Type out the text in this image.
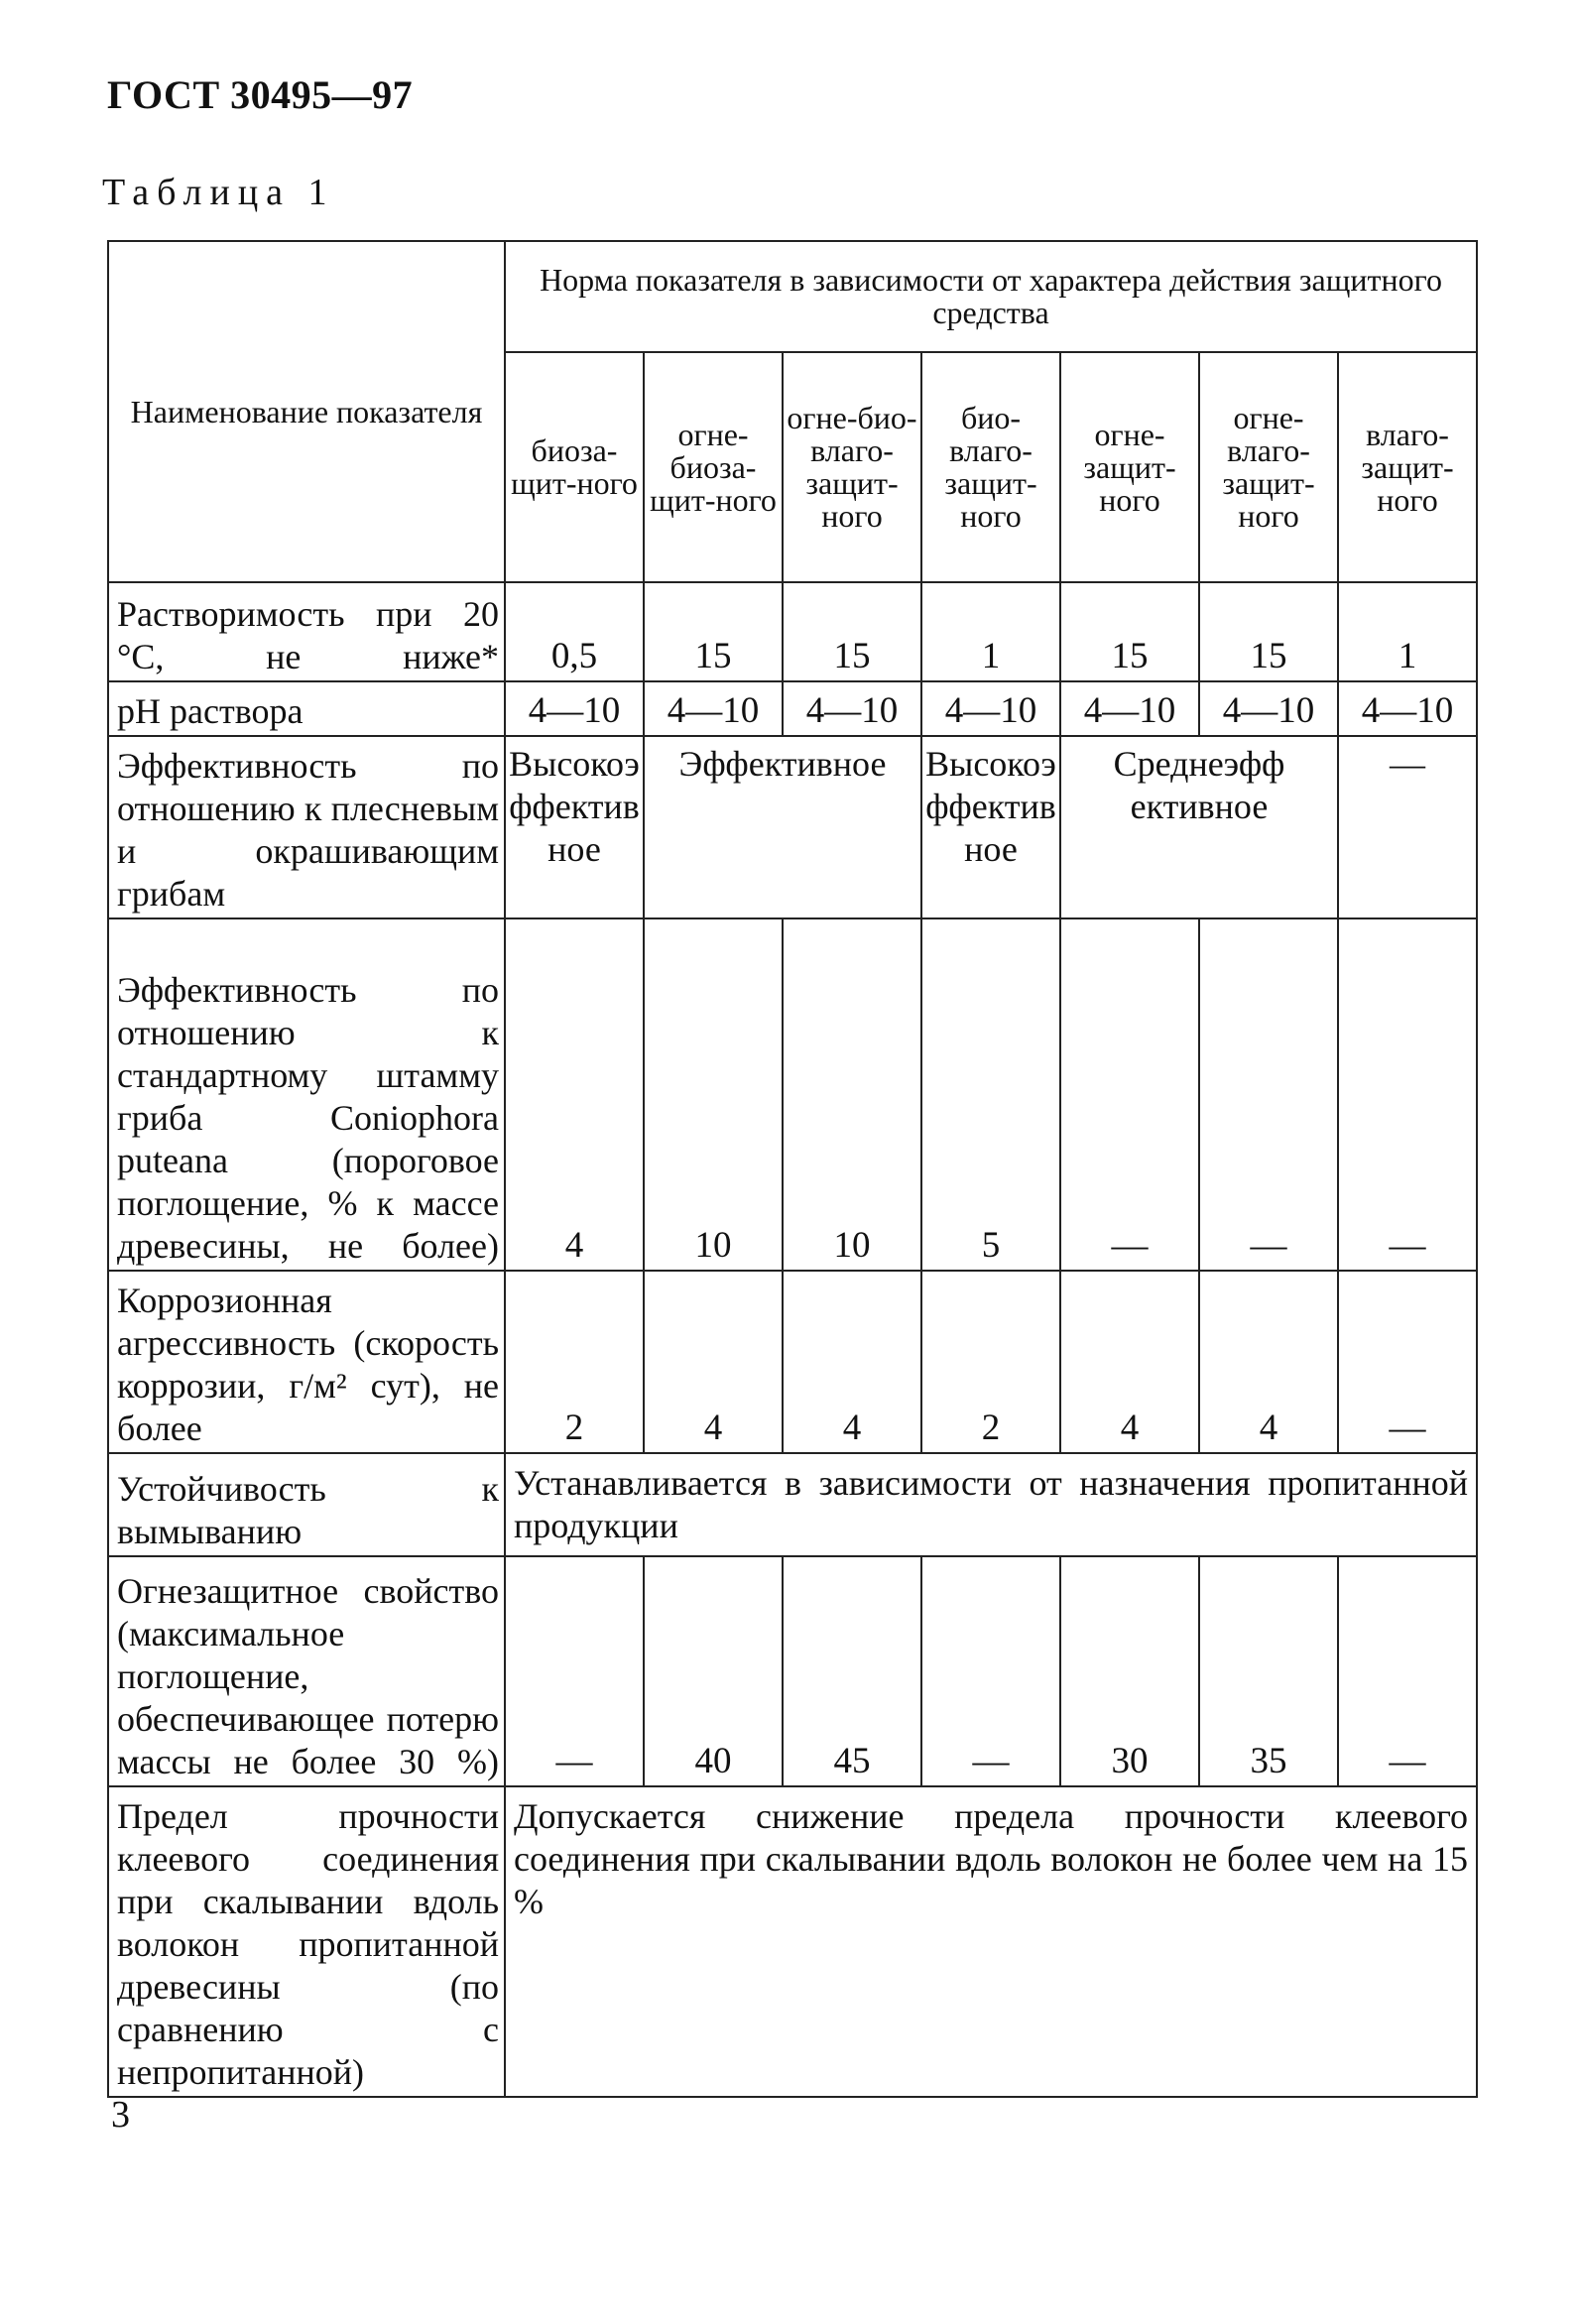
ГОСТ 30495—97
Таблица 1
Наименование показателя	Норма показателя в зависимости от характера действия защитного средства						
	биоза-щит-ного	огне-биоза-щит-ного	огне-био-влаго-защит-ного	био-влаго-защит-ного	огне-защит-ного	огне-влаго-защит-ного	влаго-защит-ного
Растворимость при 20 °С, не ниже*	0,5	15	15	1	15	15	1
pH раствора	4—10	4—10	4—10	4—10	4—10	4—10	4—10
Эффективность по отношению к плесневым и окрашивающим грибам	Высокоэффективное	Эффективное		Высокоэффективное	Среднеэффективное		—
Эффективность по отношению к стандартному штамму гриба Coniophora puteana (пороговое поглощение, % к массе древесины, не более)	4	10	10	5	—	—	—
Коррозионная агрессивность (скорость коррозии, г/м² сут), не более	2	4	4	2	4	4	—
Устойчивость к вымыванию	Устанавливается в зависимости от назначения пропитанной продукции						
Огнезащитное свойство (максимальное поглощение, обеспечивающее потерю массы не более 30 %)	—	40	45	—	30	35	—
Предел прочности клеевого соединения при скалывании вдоль волокон пропитанной древесины (по сравнению с непропитанной)	Допускается снижение предела прочности клеевого соединения при скалывании вдоль волокон не более чем на 15 %						
3
